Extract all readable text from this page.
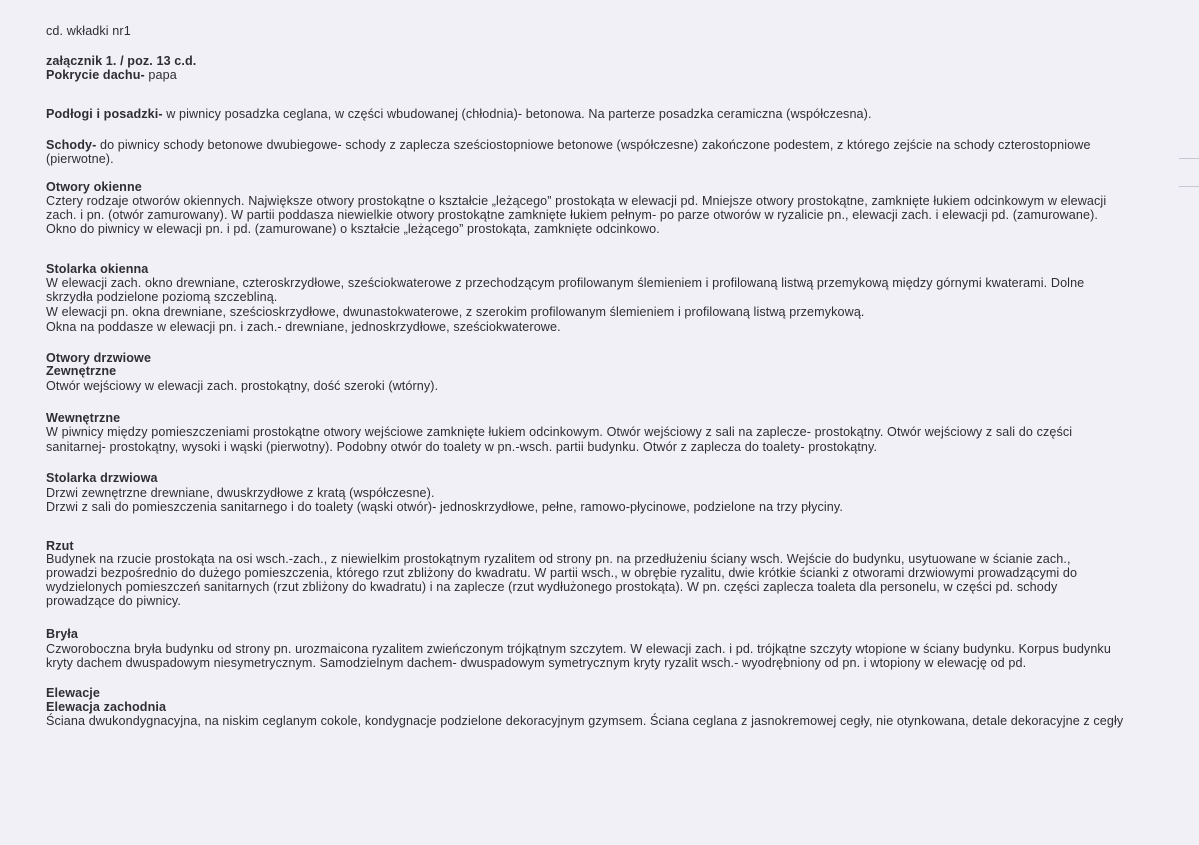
cd. wkładki nr1
załącznik 1. / poz. 13 c.d.
Pokrycie dachu- papa
Podłogi i posadzki- w piwnicy posadzka ceglana, w części wbudowanej (chłodnia)- betonowa. Na parterze posadzka ceramiczna (współczesna).
Schody- do piwnicy schody betonowe dwubiegowe- schody z zaplecza sześciostopniowe betonowe (współczesne) zakończone podestem, z którego zejście na schody czterostopniowe
(pierwotne).
Otwory okienne
Cztery rodzaje otworów okiennych. Największe otwory prostokątne o kształcie „leżącego” prostokąta w elewacji pd. Mniejsze otwory prostokątne, zamknięte łukiem odcinkowym w elewacji
zach. i pn. (otwór zamurowany). W partii poddasza niewielkie otwory prostokątne zamknięte łukiem pełnym- po parze otworów w ryzalicie pn., elewacji zach. i elewacji pd. (zamurowane).
Okno do piwnicy w elewacji pn. i pd. (zamurowane) o kształcie „leżącego” prostokąta, zamknięte odcinkowo.
Stolarka okienna
W elewacji zach. okno drewniane, czteroskrzydłowe, sześciokwaterowe z przechodzącym profilowanym ślemieniem i profilowaną listwą przemykową między górnymi kwaterami. Dolne
skrzydła podzielone poziomą szczebliną.
W elewacji pn. okna drewniane, sześcioskrzydłowe, dwunastokwaterowe, z szerokim profilowanym ślemieniem i profilowaną listwą przemykową.
Okna na poddasze w elewacji pn. i zach.- drewniane, jednoskrzydłowe, sześciokwaterowe.
Otwory drzwiowe
Zewnętrzne
Otwór wejściowy w elewacji zach. prostokątny, dość szeroki (wtórny).
Wewnętrzne
W piwnicy między pomieszczeniami prostokątne otwory wejściowe zamknięte łukiem odcinkowym. Otwór wejściowy z sali na zaplecze- prostokątny. Otwór wejściowy z sali do części
sanitarnej- prostokątny, wysoki i wąski (pierwotny). Podobny otwór do toalety w pn.-wsch. partii budynku. Otwór z zaplecza do toalety- prostokątny.
Stolarka drzwiowa
Drzwi zewnętrzne drewniane, dwuskrzydłowe z kratą (współczesne).
Drzwi z sali do pomieszczenia sanitarnego i do toalety (wąski otwór)- jednoskrzydłowe, pełne, ramowo-płycinowe, podzielone na trzy płyciny.
Rzut
Budynek na rzucie prostokąta na osi wsch.-zach., z niewielkim prostokątnym ryzalitem od strony pn. na przedłużeniu ściany wsch. Wejście do budynku, usytuowane w ścianie zach.,
prowadzi bezpośrednio do dużego pomieszczenia, którego rzut zbliżony do kwadratu. W partii wsch., w obrębie ryzalitu, dwie krótkie ścianki z otworami drzwiowymi prowadzącymi do
wydzielonych pomieszczeń sanitarnych (rzut zbliżony do kwadratu) i na zaplecze (rzut wydłużonego prostokąta). W pn. części zaplecza toaleta dla personelu, w części pd. schody
prowadzące do piwnicy.
Bryła
Czworoboczna bryła budynku od strony pn. urozmaicona ryzalitem zwieńczonym trójkątnym szczytem. W elewacji zach. i pd. trójkątne szczyty wtopione w ściany budynku. Korpus budynku
kryty dachem dwuspadowym niesymetrycznym. Samodzielnym dachem- dwuspadowym symetrycznym kryty ryzalit wsch.- wyodrębniony od pn. i wtopiony w elewację od pd.
Elewacje
Elewacja zachodnia
Ściana dwukondygnacyjna, na niskim ceglanym cokole, kondygnacje podzielone dekoracyjnym gzymsem. Ściana ceglana z jasnokremowej cegły, nie otynkowana, detale dekoracyjne z cegły
